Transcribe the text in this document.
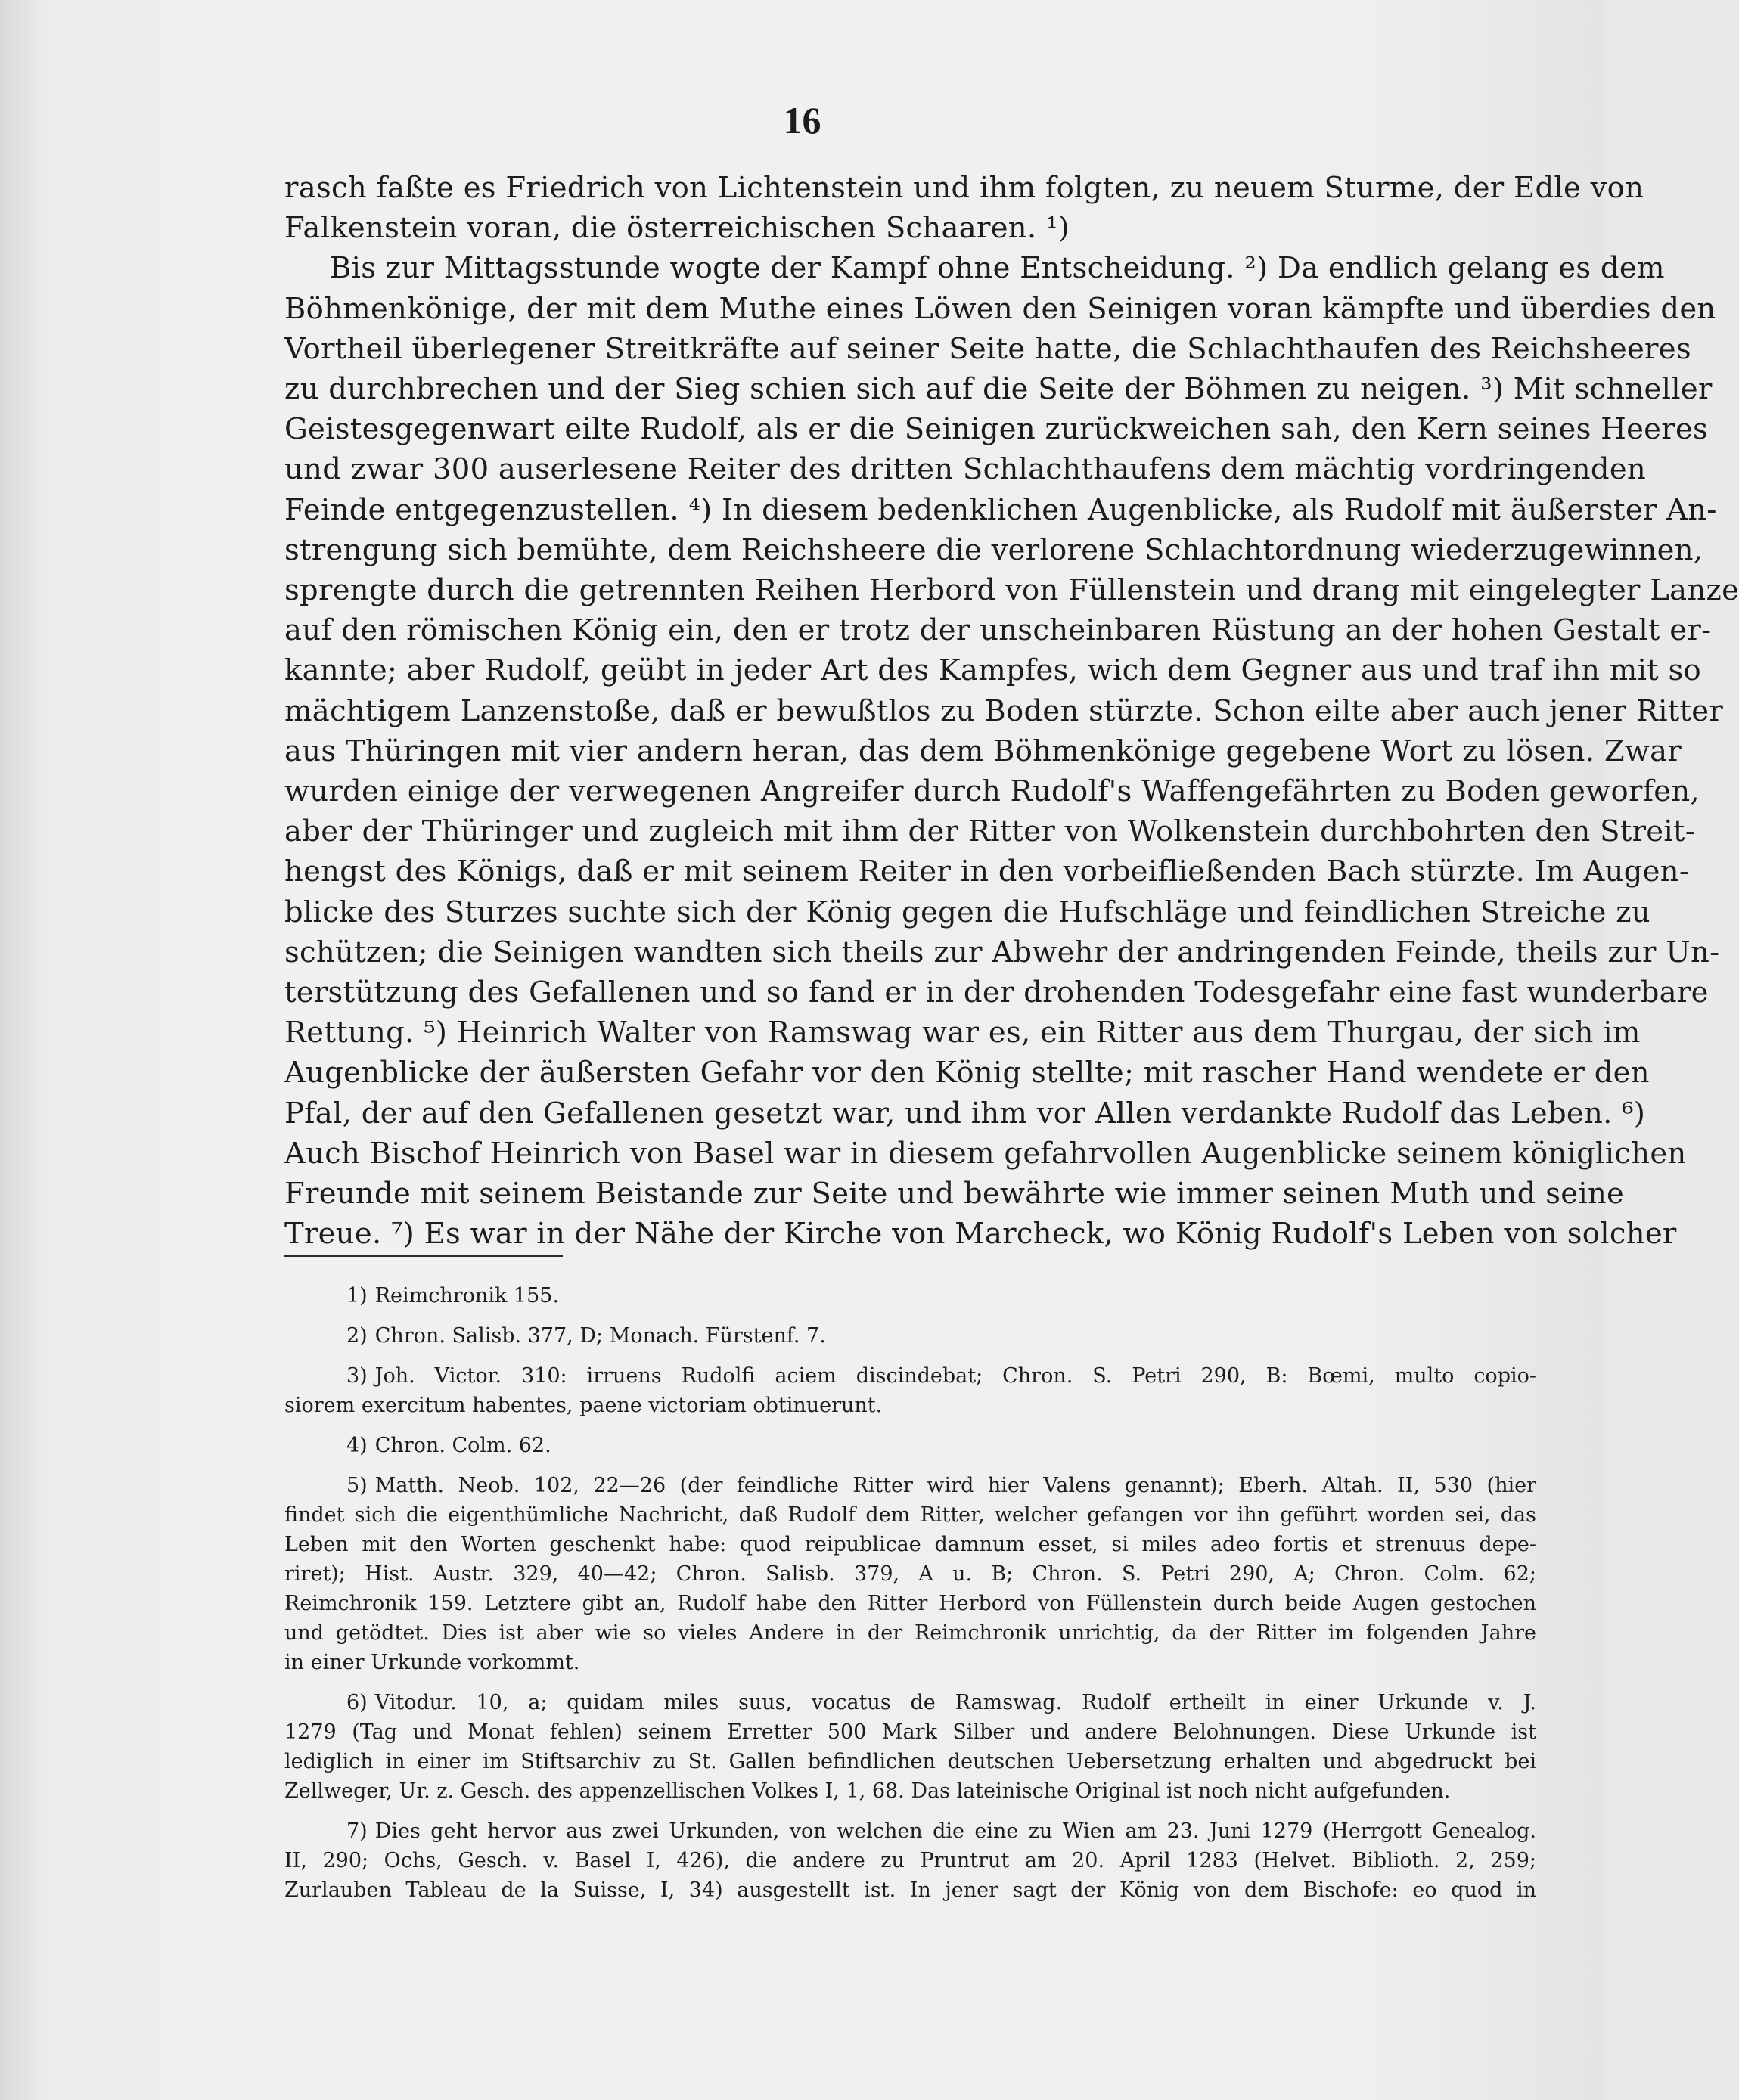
16
rasch faßte es Friedrich von Lichtenstein und ihm folgten, zu neuem Sturme, der Edle von
Falkenstein voran, die österreichischen Schaaren. ¹)
Bis zur Mittagsstunde wogte der Kampf ohne Entscheidung. ²) Da endlich gelang es dem
Böhmenkönige, der mit dem Muthe eines Löwen den Seinigen voran kämpfte und überdies den
Vortheil überlegener Streitkräfte auf seiner Seite hatte, die Schlachthaufen des Reichsheeres
zu durchbrechen und der Sieg schien sich auf die Seite der Böhmen zu neigen. ³) Mit schneller
Geistesgegenwart eilte Rudolf, als er die Seinigen zurückweichen sah, den Kern seines Heeres
und zwar 300 auserlesene Reiter des dritten Schlachthaufens dem mächtig vordringenden
Feinde entgegenzustellen. ⁴) In diesem bedenklichen Augenblicke, als Rudolf mit äußerster An-
strengung sich bemühte, dem Reichsheere die verlorene Schlachtordnung wiederzugewinnen,
sprengte durch die getrennten Reihen Herbord von Füllenstein und drang mit eingelegter Lanze
auf den römischen König ein, den er trotz der unscheinbaren Rüstung an der hohen Gestalt er-
kannte; aber Rudolf, geübt in jeder Art des Kampfes, wich dem Gegner aus und traf ihn mit so
mächtigem Lanzenstoße, daß er bewußtlos zu Boden stürzte. Schon eilte aber auch jener Ritter
aus Thüringen mit vier andern heran, das dem Böhmenkönige gegebene Wort zu lösen. Zwar
wurden einige der verwegenen Angreifer durch Rudolf's Waffengefährten zu Boden geworfen,
aber der Thüringer und zugleich mit ihm der Ritter von Wolkenstein durchbohrten den Streit-
hengst des Königs, daß er mit seinem Reiter in den vorbeifließenden Bach stürzte. Im Augen-
blicke des Sturzes suchte sich der König gegen die Hufschläge und feindlichen Streiche zu
schützen; die Seinigen wandten sich theils zur Abwehr der andringenden Feinde, theils zur Un-
terstützung des Gefallenen und so fand er in der drohenden Todesgefahr eine fast wunderbare
Rettung. ⁵) Heinrich Walter von Ramswag war es, ein Ritter aus dem Thurgau, der sich im
Augenblicke der äußersten Gefahr vor den König stellte; mit rascher Hand wendete er den
Pfal, der auf den Gefallenen gesetzt war, und ihm vor Allen verdankte Rudolf das Leben. ⁶)
Auch Bischof Heinrich von Basel war in diesem gefahrvollen Augenblicke seinem königlichen
Freunde mit seinem Beistande zur Seite und bewährte wie immer seinen Muth und seine
Treue. ⁷) Es war in der Nähe der Kirche von Marcheck, wo König Rudolf's Leben von solcher
1) Reimchronik 155.
2) Chron. Salisb. 377, D; Monach. Fürstenf. 7.
3) Joh. Victor. 310: irruens Rudolfi aciem discindebat; Chron. S. Petri 290, B: Bœmi, multo copio-
siorem exercitum habentes, paene victoriam obtinuerunt.
4) Chron. Colm. 62.
5) Matth. Neob. 102, 22—26 (der feindliche Ritter wird hier Valens genannt); Eberh. Altah. II, 530 (hier
findet sich die eigenthümliche Nachricht, daß Rudolf dem Ritter, welcher gefangen vor ihn geführt worden sei, das
Leben mit den Worten geschenkt habe: quod reipublicae damnum esset, si miles adeo fortis et strenuus depe-
riret); Hist. Austr. 329, 40—42; Chron. Salisb. 379, A u. B; Chron. S. Petri 290, A; Chron. Colm. 62;
Reimchronik 159. Letztere gibt an, Rudolf habe den Ritter Herbord von Füllenstein durch beide Augen gestochen
und getödtet. Dies ist aber wie so vieles Andere in der Reimchronik unrichtig, da der Ritter im folgenden Jahre
in einer Urkunde vorkommt.
6) Vitodur. 10, a; quidam miles suus, vocatus de Ramswag. Rudolf ertheilt in einer Urkunde v. J.
1279 (Tag und Monat fehlen) seinem Erretter 500 Mark Silber und andere Belohnungen. Diese Urkunde ist
lediglich in einer im Stiftsarchiv zu St. Gallen befindlichen deutschen Uebersetzung erhalten und abgedruckt bei
Zellweger, Ur. z. Gesch. des appenzellischen Volkes I, 1, 68. Das lateinische Original ist noch nicht aufgefunden.
7) Dies geht hervor aus zwei Urkunden, von welchen die eine zu Wien am 23. Juni 1279 (Herrgott Genealog.
II, 290; Ochs, Gesch. v. Basel I, 426), die andere zu Pruntrut am 20. April 1283 (Helvet. Biblioth. 2, 259;
Zurlauben Tableau de la Suisse, I, 34) ausgestellt ist. In jener sagt der König von dem Bischofe: eo quod in
